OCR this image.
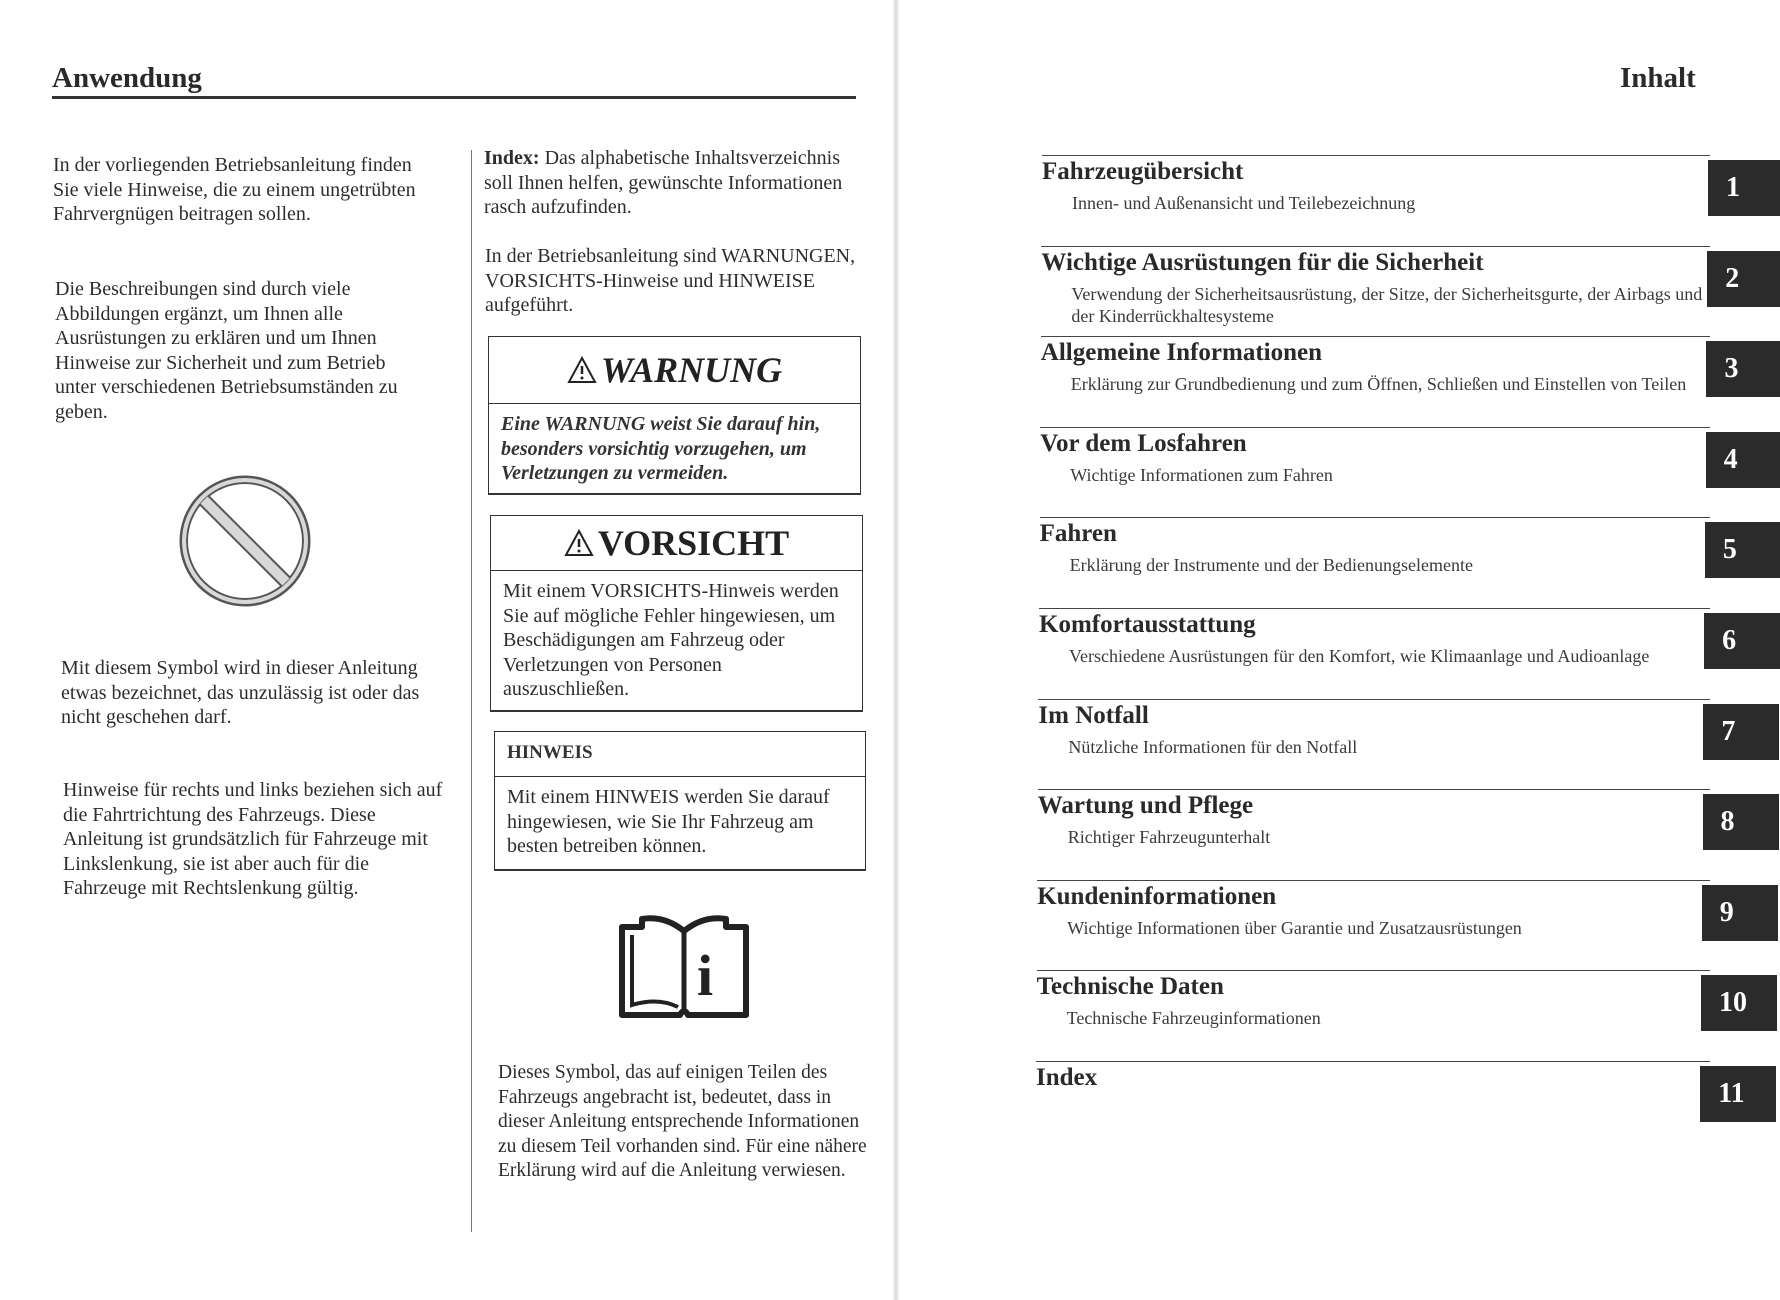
Anwendung

In der vorliegenden Betriebsanleitung finden Sie viele Hinweise, die zu einem ungetrübten Fahrvergnügen beitragen sollen.

Die Beschreibungen sind durch viele Abbildungen ergänzt, um Ihnen alle Ausrüstungen zu erklären und um Ihnen Hinweise zur Sicherheit und zum Betrieb unter verschiedenen Betriebsumständen zu geben.

Mit diesem Symbol wird in dieser Anleitung etwas bezeichnet, das unzulässig ist oder das nicht geschehen darf.

Hinweise für rechts und links beziehen sich auf die Fahrtrichtung des Fahrzeugs. Diese Anleitung ist grundsätzlich für Fahrzeuge mit Linkslenkung, sie ist aber auch für die Fahrzeuge mit Rechtslenkung gültig.

Index: Das alphabetische Inhaltsverzeichnis soll Ihnen helfen, gewünschte Informationen rasch aufzufinden.

In der Betriebsanleitung sind WARNUNGEN, VORSICHTS-Hinweise und HINWEISE aufgeführt.

WARNUNG
Eine WARNUNG weist Sie darauf hin, besonders vorsichtig vorzugehen, um Verletzungen zu vermeiden.
VORSICHT
Mit einem VORSICHTS-Hinweis werden Sie auf mögliche Fehler hingewiesen, um Beschädigungen am Fahrzeug oder Verletzungen von Personen auszuschließen.
HINWEIS
Mit einem HINWEIS werden Sie darauf hingewiesen, wie Sie Ihr Fahrzeug am besten betreiben können.
i

Dieses Symbol, das auf einigen Teilen des Fahrzeugs angebracht ist, bedeutet, dass in dieser Anleitung entsprechende Informationen zu diesem Teil vorhanden sind. Für eine nähere Erklärung wird auf die Anleitung verwiesen.

Inhalt
Fahrzeugübersicht
Innen- und Außenansicht und Teilebezeichnung	1
Wichtige Ausrüstungen für die Sicherheit
Verwendung der Sicherheitsausrüstung, der Sitze, der Sicherheitsgurte, der Airbags und der Kinderrückhaltesysteme
2
Allgemeine Informationen
Erklärung zur Grundbedienung und zum Öffnen, Schließen und Einstellen von Teilen	3
Vor dem Losfahren
Wichtige Informationen zum Fahren	4
Fahren
Erklärung der Instrumente und der Bedienungselemente	5
Komfortausstattung
Verschiedene Ausrüstungen für den Komfort, wie Klimaanlage und Audioanlage	6
Im Notfall
Nützliche Informationen für den Notfall	7
Wartung und Pflege
Richtiger Fahrzeugunterhalt	8
Kundeninformationen
Wichtige Informationen über Garantie und Zusatzausrüstungen	9
Technische Daten
Technische Fahrzeuginformationen	10
Index
11
